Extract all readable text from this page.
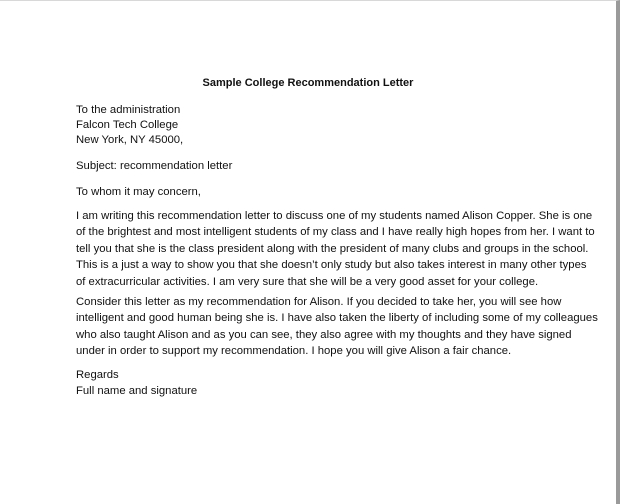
Sample College Recommendation Letter
To the administration
Falcon Tech College
New York, NY 45000,
Subject: recommendation letter
To whom it may concern,
I am writing this recommendation letter to discuss one of my students named Alison Copper. She is one
of the brightest and most intelligent students of my class and I have really high hopes from her. I want to
tell you that she is the class president along with the president of many clubs and groups in the school.
This is a just a way to show you that she doesn’t only study but also takes interest in many other types
of extracurricular activities. I am very sure that she will be a very good asset for your college.
Consider this letter as my recommendation for Alison. If you decided to take her, you will see how
intelligent and good human being she is. I have also taken the liberty of including some of my colleagues
who also taught Alison and as you can see, they also agree with my thoughts and they have signed
under in order to support my recommendation. I hope you will give Alison a fair chance.
Regards
Full name and signature
